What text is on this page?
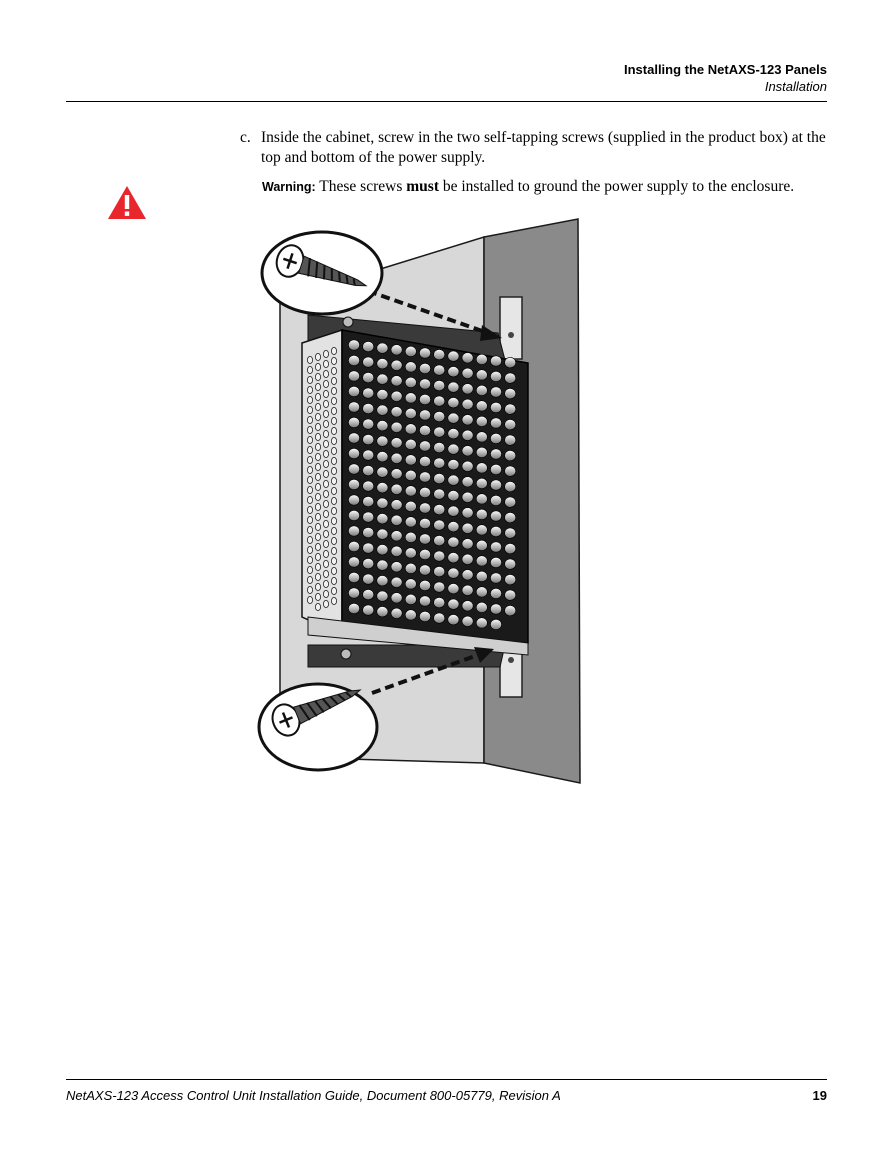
Installing the NetAXS-123 Panels
Installation
c. Inside the cabinet, screw in the two self-tapping screws (supplied in the product box) at the top and bottom of the power supply.
Warning: These screws must be installed to ground the power supply to the enclosure.
NetAXS-123 Access Control Unit Installation Guide, Document 800-05779, Revision A	19
